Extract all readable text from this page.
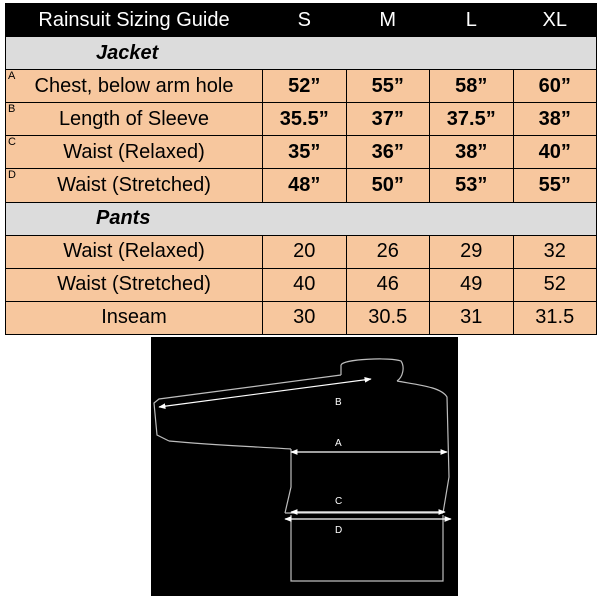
Rainsuit Sizing Guide	S	M	L	XL
Jacket				

A Chest, below arm hole	52”	55”	58”	60”

B Length of Sleeve	35.5”	37”	37.5”	38”

C Waist (Relaxed)	35”	36”	38”	40”

D Waist (Stretched)	48”	50”	53”	55”
Pants				
Waist (Relaxed)	20	26	29	32
Waist (Stretched)	40	46	49	52
Inseam	30	30.5	31	31.5
B
A
C
D
